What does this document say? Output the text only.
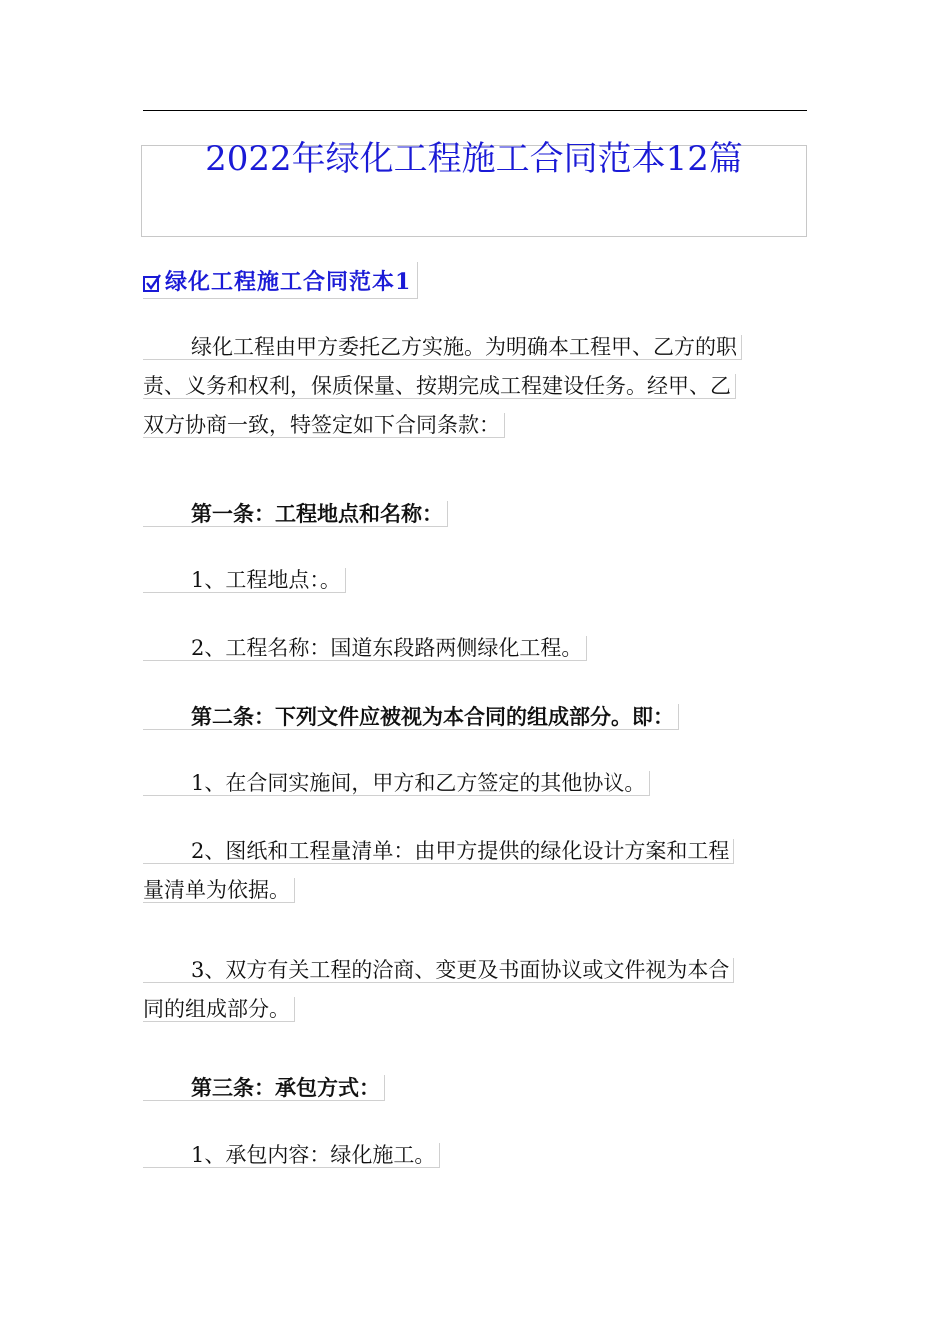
2022年绿化工程施工合同范本12篇
绿化工程施工合同范本1
绿化工程由甲方委托乙方实施。为明确本工程甲、乙方的职
责、义务和权利，保质保量、按期完成工程建设任务。经甲、乙
双方协商一致，特签定如下合同条款：
第一条：工程地点和名称：
1、工程地点：。
2、工程名称：国道东段路两侧绿化工程。
第二条：下列文件应被视为本合同的组成部分。即：
1、在合同实施间，甲方和乙方签定的其他协议。
2、图纸和工程量清单：由甲方提供的绿化设计方案和工程
量清单为依据。
3、双方有关工程的洽商、变更及书面协议或文件视为本合
同的组成部分。
第三条：承包方式：
1、承包内容：绿化施工。
